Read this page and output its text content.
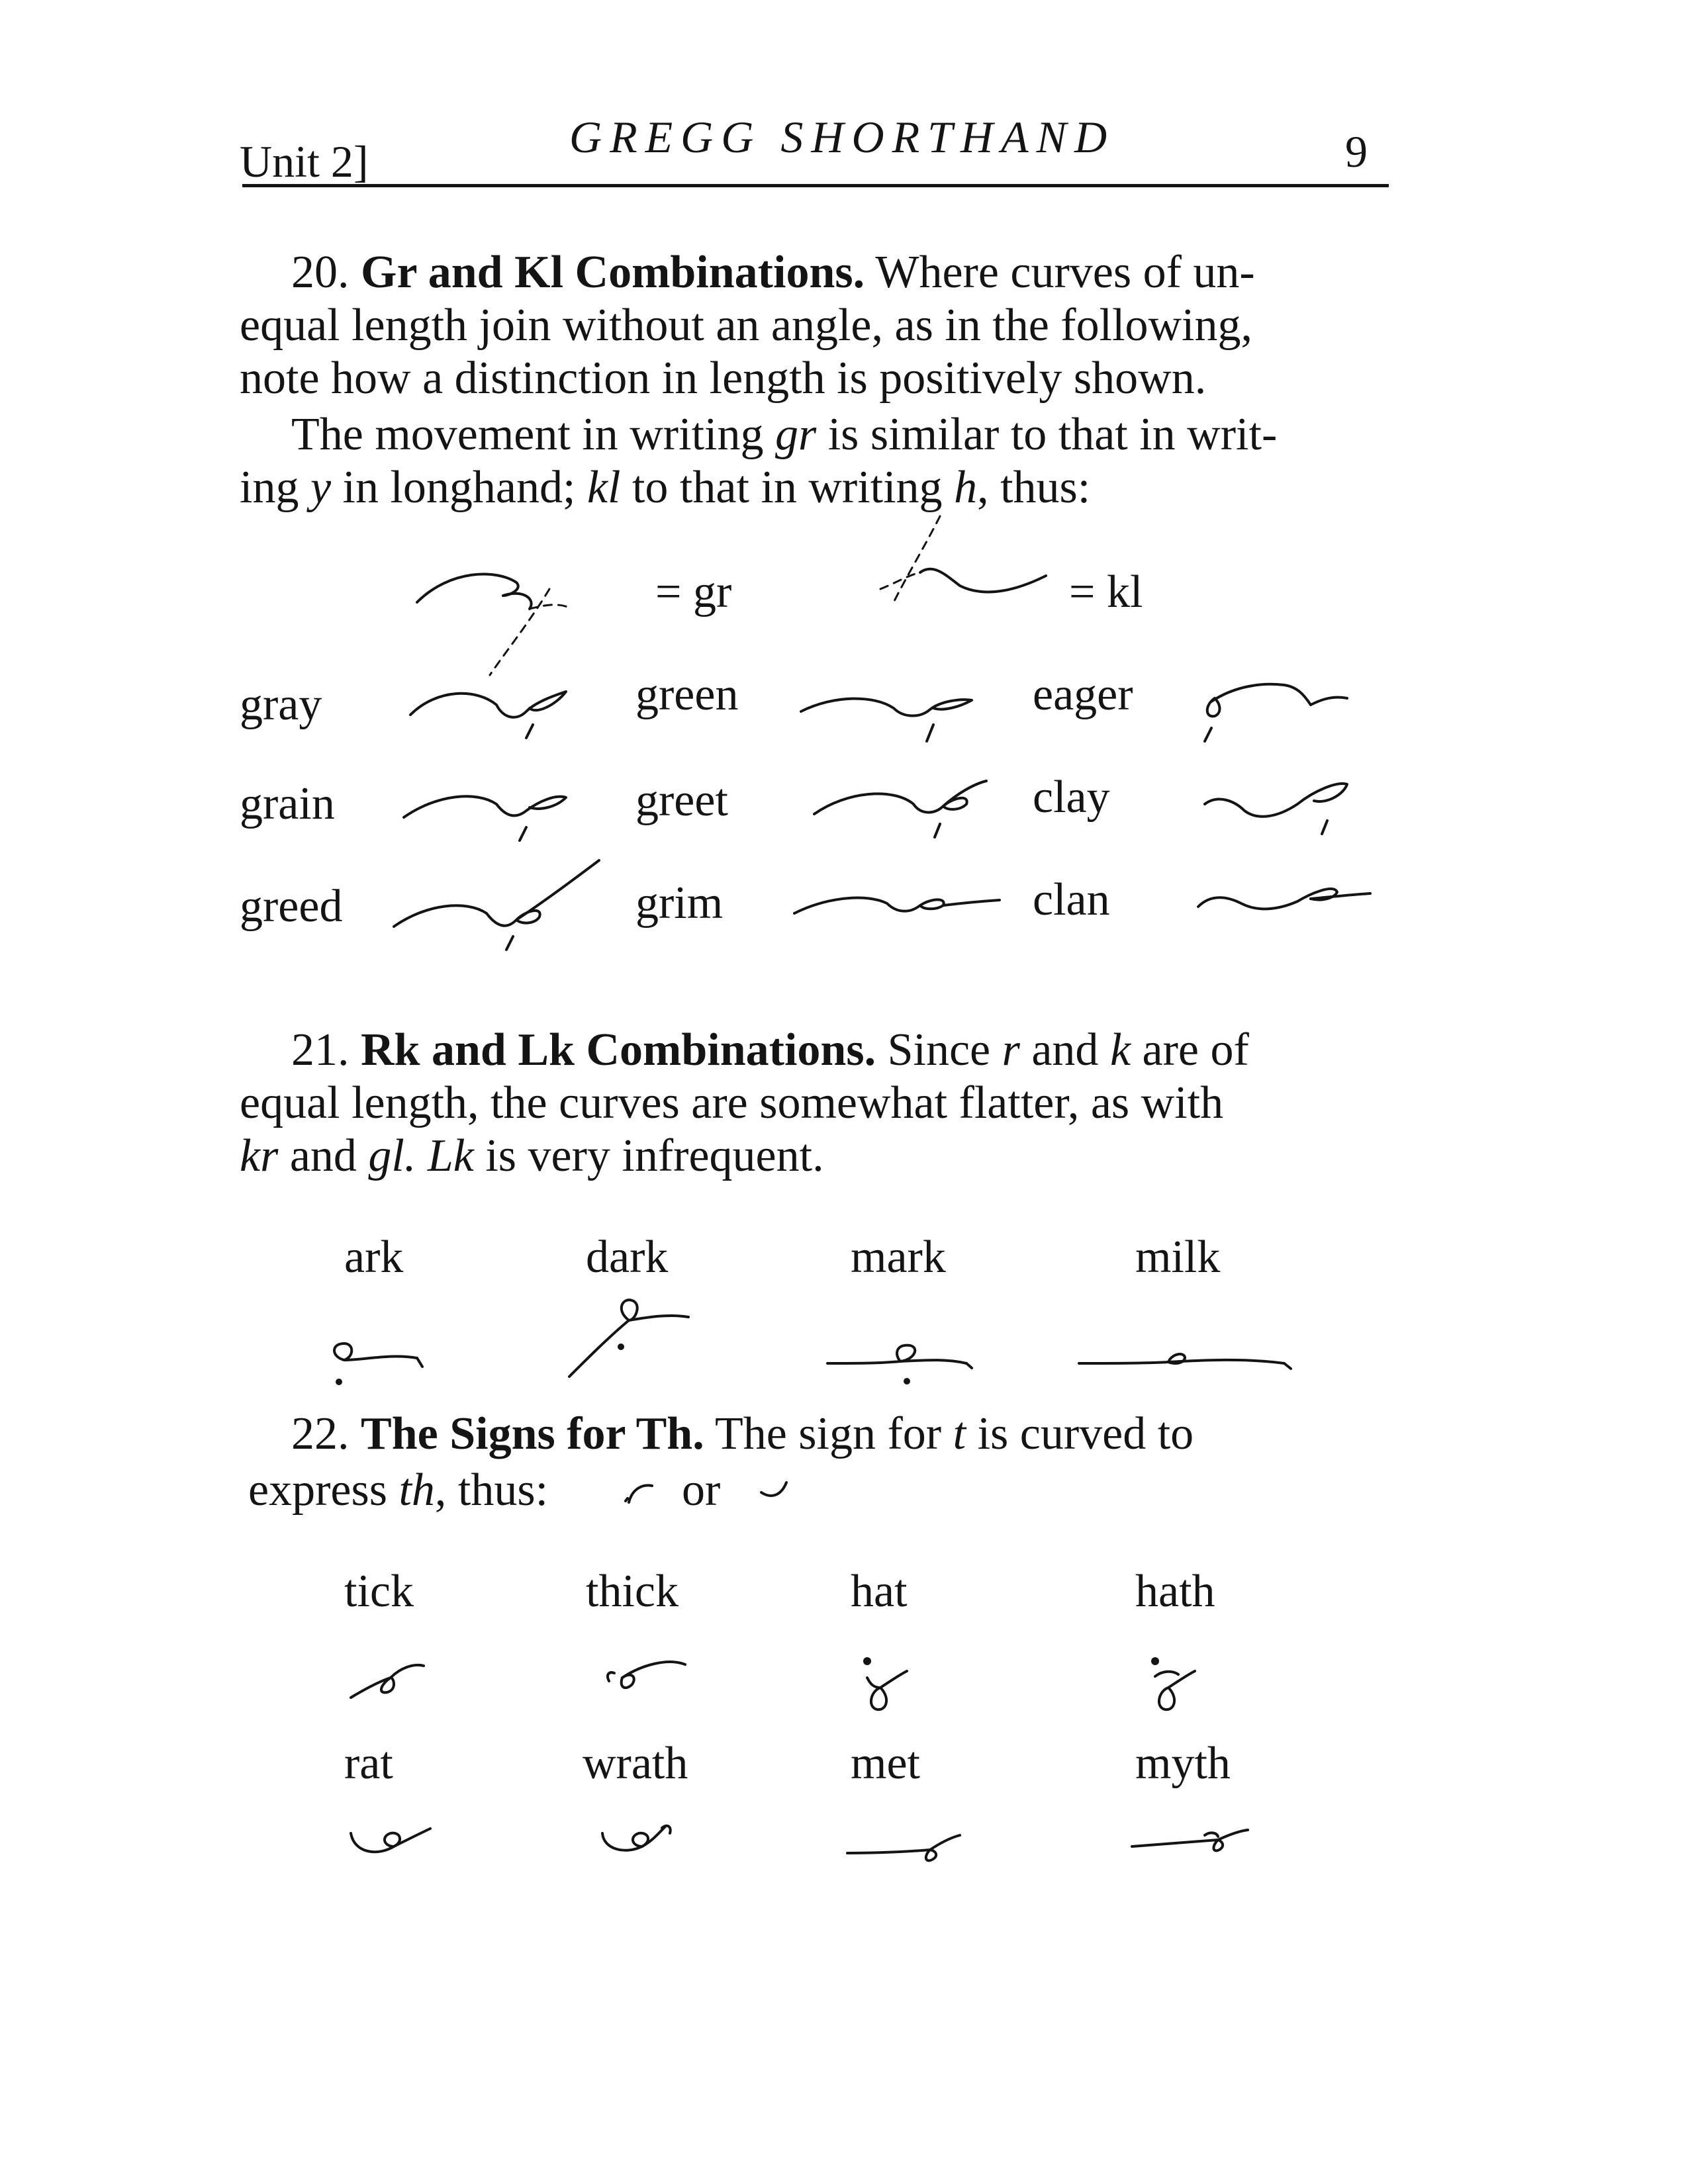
Unit 2]	GREGG SHORTHAND	9
20. Gr and Kl Combinations. Where curves of un-
equal length join without an angle, as in the following,
note how a distinction in length is positively shown.
The movement in writing gr is similar to that in writ-
ing y in longhand; kl to that in writing h, thus:
= gr	= kl
gray	green	eager
grain	greet	clay
greed	grim	clan
21. Rk and Lk Combinations. Since r and k are of
equal length, the curves are somewhat flatter, as with
kr and gl. Lk is very infrequent.
ark	dark	mark	milk
22. The Signs for Th. The sign for t is curved to
express th, thus:	or
tick	thick	hat	hath
rat	wrath	met	myth
